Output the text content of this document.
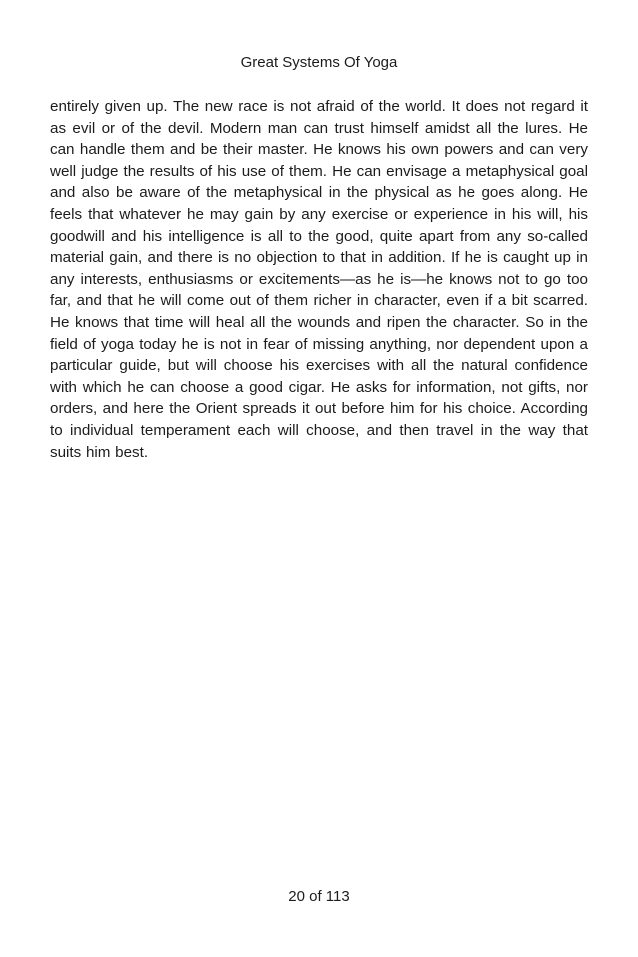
Great Systems Of Yoga

entirely given up. The new race is not afraid of the world. It does not regard it as evil or of the devil. Modern man can trust himself amidst all the lures. He can handle them and be their master. He knows his own powers and can very well judge the results of his use of them. He can envisage a metaphysical goal and also be aware of the metaphysical in the physical as he goes along. He feels that whatever he may gain by any exercise or experience in his will, his goodwill and his intelligence is all to the good, quite apart from any so-called material gain, and there is no objection to that in addition. If he is caught up in any interests, enthusiasms or excitements—as he is—he knows not to go too far, and that he will come out of them richer in character, even if a bit scarred. He knows that time will heal all the wounds and ripen the character. So in the field of yoga today he is not in fear of missing anything, nor dependent upon a particular guide, but will choose his exercises with all the natural confidence with which he can choose a good cigar. He asks for information, not gifts, nor orders, and here the Orient spreads it out before him for his choice. According to individual temperament each will choose, and then travel in the way that suits him best.

20 of 113
